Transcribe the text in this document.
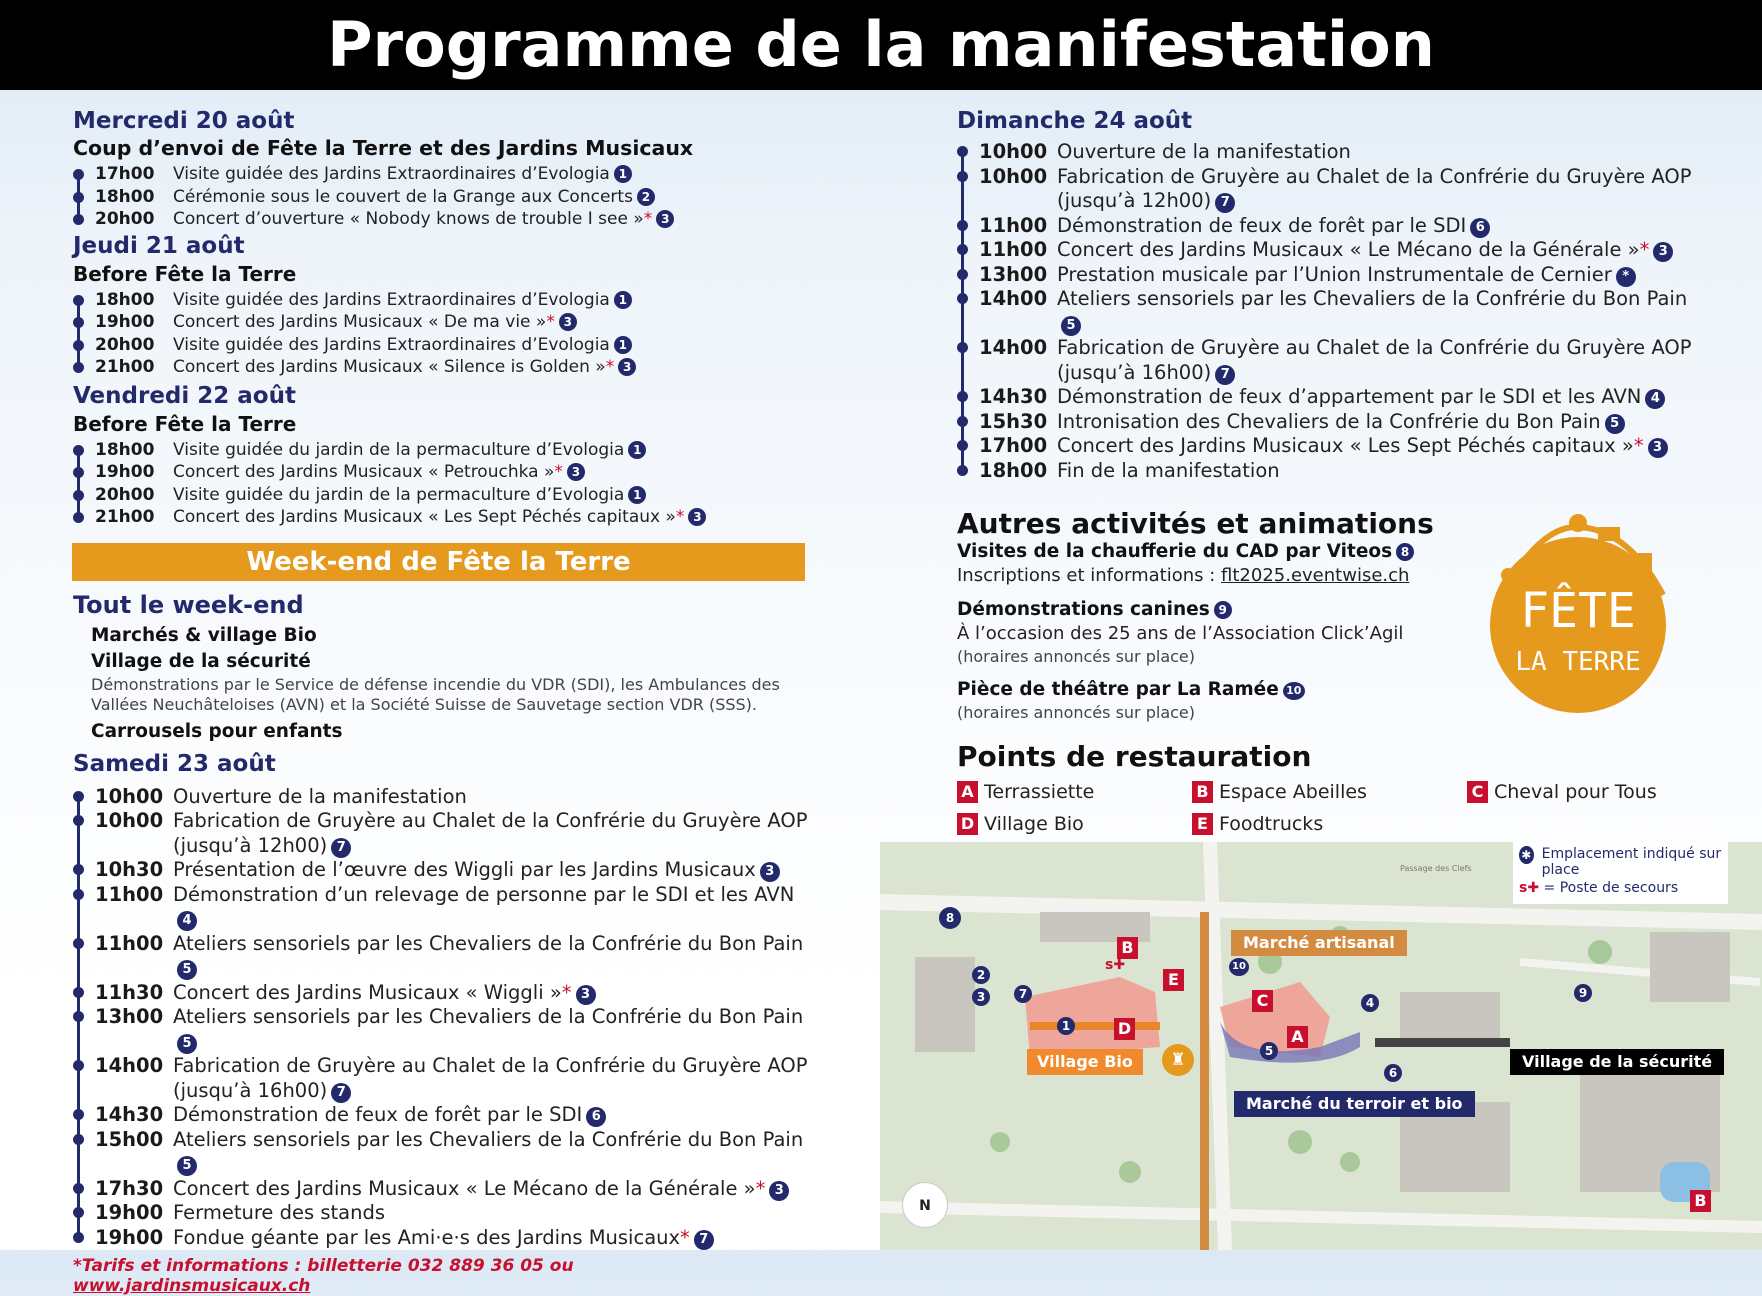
Programme de la manifestation
Mercredi 20 août
Coup d’envoi de Fête la Terre et des Jardins Musicaux
17h00	Visite guidée des Jardins Extraordinaires d’Evologia 1
18h00	Cérémonie sous le couvert de la Grange aux Concerts 2
20h00	Concert d’ouverture « Nobody knows de trouble I see »* 3
Jeudi 21 août
Before Fête la Terre
18h00	Visite guidée des Jardins Extraordinaires d’Evologia 1
19h00	Concert des Jardins Musicaux « De ma vie »* 3
20h00	Visite guidée des Jardins Extraordinaires d’Evologia 1
21h00	Concert des Jardins Musicaux « Silence is Golden »* 3
Vendredi 22 août
Before Fête la Terre
18h00	Visite guidée du jardin de la permaculture d’Evologia 1
19h00	Concert des Jardins Musicaux « Petrouchka »* 3
20h00	Visite guidée du jardin de la permaculture d’Evologia 1
21h00	Concert des Jardins Musicaux « Les Sept Péchés capitaux »* 3
Week-end de Fête la Terre
Tout le week-end
Marchés & village Bio
Village de la sécurité
Démonstrations par le Service de défense incendie du VDR (SDI), les Ambulances des Vallées Neuchâteloises (AVN) et la Société Suisse de Sauvetage section VDR (SSS).
Carrousels pour enfants
Samedi 23 août
10h00 Ouverture de la manifestation
10h00 Fabrication de Gruyère au Chalet de la Confrérie du Gruyère AOP (jusqu’à 12h00) 7
10h30 Présentation de l’œuvre des Wiggli par les Jardins Musicaux 3
11h00 Démonstration d’un relevage de personne par le SDI et les AVN4
11h00 Ateliers sensoriels par les Chevaliers de la Confrérie du Bon Pain5
11h30 Concert des Jardins Musicaux « Wiggli »* 3
13h00 Ateliers sensoriels par les Chevaliers de la Confrérie du Bon Pain5
14h00 Fabrication de Gruyère au Chalet de la Confrérie du Gruyère AOP (jusqu’à 16h00) 7
14h30 Démonstration de feux de forêt par le SDI 6
15h00 Ateliers sensoriels par les Chevaliers de la Confrérie du Bon Pain5
17h30 Concert des Jardins Musicaux « Le Mécano de la Générale »* 3
19h00 Fermeture des stands
19h00 Fondue géante par les Ami·e·s des Jardins Musicaux* 7
*Tarifs et informations : billetterie 032 889 36 05 ou www.jardinsmusicaux.ch
Dimanche 24 août
10h00 Ouverture de la manifestation
10h00 Fabrication de Gruyère au Chalet de la Confrérie du Gruyère AOP (jusqu’à 12h00) 7
11h00 Démonstration de feux de forêt par le SDI 6
11h00 Concert des Jardins Musicaux « Le Mécano de la Générale »* 3
13h00 Prestation musicale par l’Union Instrumentale de Cernier *
14h00 Ateliers sensoriels par les Chevaliers de la Confrérie du Bon Pain5
14h00 Fabrication de Gruyère au Chalet de la Confrérie du Gruyère AOP (jusqu’à 16h00) 7
14h30 Démonstration de feux d’appartement par le SDI et les AVN 4
15h30 Intronisation des Chevaliers de la Confrérie du Bon Pain 5
17h00 Concert des Jardins Musicaux « Les Sept Péchés capitaux »* 3
18h00 Fin de la manifestation
Autres activités et animations
Visites de la chaufferie du CAD par Viteos 8
Inscriptions et informations : flt2025.eventwise.ch
Démonstrations canines 9
À l’occasion des 25 ans de l’Association Click’Agil
(horaires annoncés sur place)
Pièce de théâtre par La Ramée 10
(horaires annoncés sur place)
Points de restauration
A Terrassiette	B Espace Abeilles	C Cheval pour Tous
D Village Bio	E Foodtrucks
FÊTE
LA TERRE
✱ Emplacement indiqué sur place
s✚ = Poste de secours
Marché artisanal
Village Bio
Marché du terroir et bio
Village de la sécurité
B
E
D
C
A
B
s✚
8
2
3	7
1
10
4
5
6
9
♜
N
Passage des Clefs
